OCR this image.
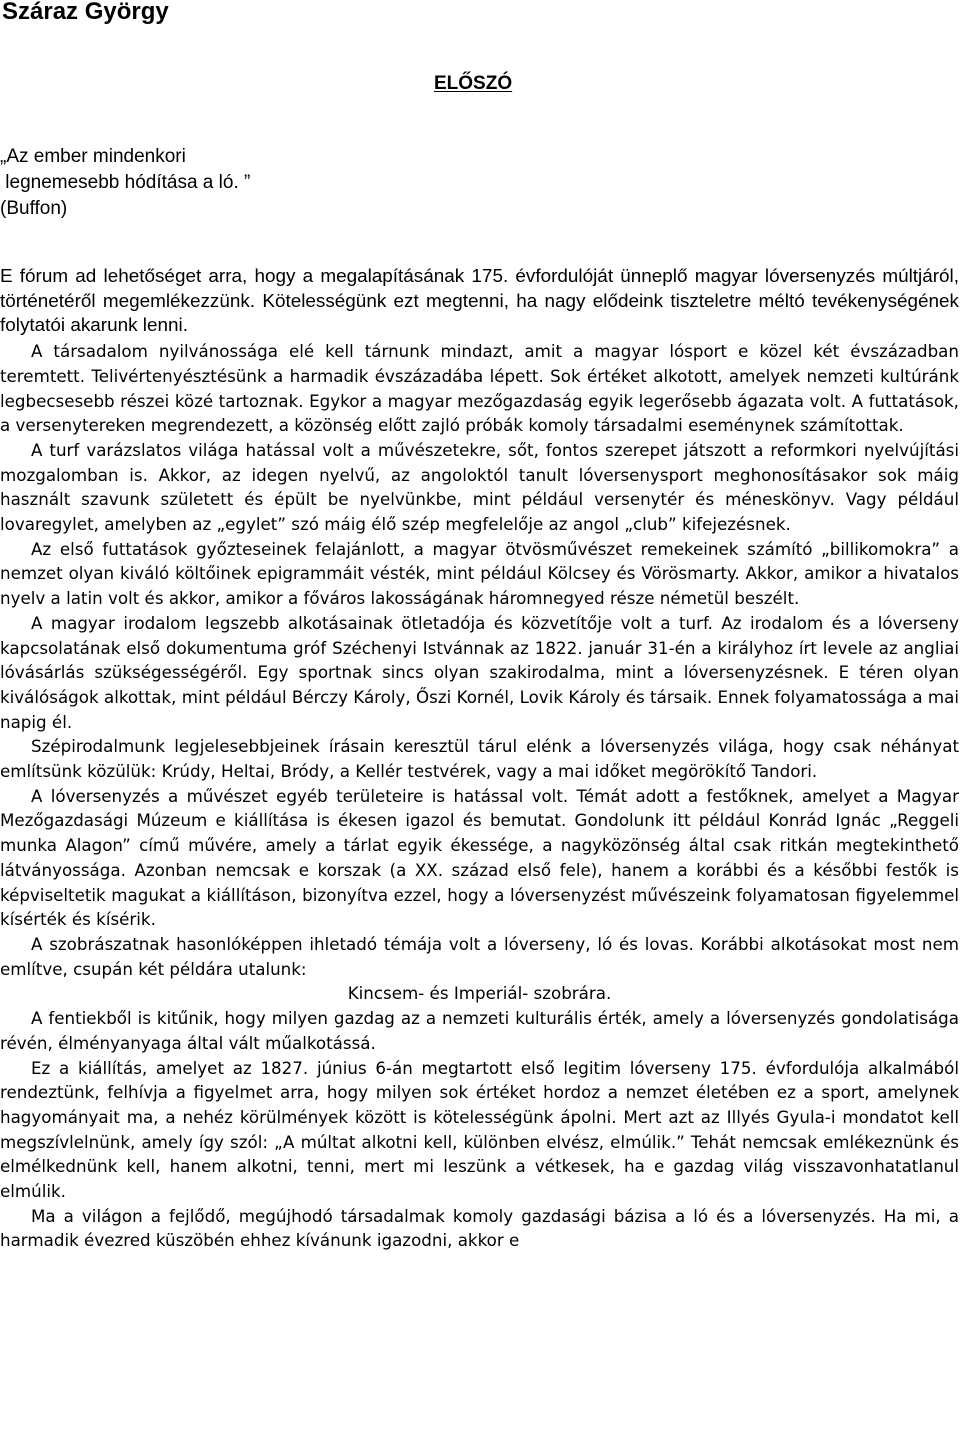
Száraz György
ELŐSZÓ
„Az ember mindenkori
legnemesebb hódítása a ló. ”
(Buffon)

E fórum ad lehetőséget arra, hogy a megalapításának 175. évfordulóját ünneplő magyar lóversenyzés múltjáról, történetéről megemlékezzünk. Kötelességünk ezt megtenni, ha nagy elődeink tiszteletre méltó tevékenységének folytatói akarunk lenni.

A társadalom nyilvánossága elé kell tárnunk mindazt, amit a magyar lósport e közel két évszázadban teremtett. Telivértenyésztésünk a harmadik évszázadába lépett. Sok értéket alkotott, amelyek nemzeti kultúránk legbecsesebb részei közé tartoznak. Egykor a magyar mezőgazdaság egyik legerősebb ágazata volt. A futtatások, a versenytereken megrendezett, a közönség előtt zajló próbák komoly társadalmi eseménynek számítottak.

A turf varázslatos világa hatással volt a művészetekre, sőt, fontos szerepet játszott a reformkori nyelvújítási mozgalomban is. Akkor, az idegen nyelvű, az angoloktól tanult lóversenysport meghonosításakor sok máig használt szavunk született és épült be nyelvünkbe, mint például versenytér és méneskönyv. Vagy például lovaregylet, amelyben az „egylet” szó máig élő szép megfelelője az angol „club” kifejezésnek.

Az első futtatások győzteseinek felajánlott, a magyar ötvösművészet remekeinek számító „billikomokra” a nemzet olyan kiváló költőinek epigrammáit vésték, mint például Kölcsey és Vörösmarty. Akkor, amikor a hivatalos nyelv a latin volt és akkor, amikor a főváros lakosságának háromnegyed része németül beszélt.

A magyar irodalom legszebb alkotásainak ötletadója és közvetítője volt a turf. Az irodalom és a lóverseny kapcsolatának első dokumentuma gróf Széchenyi Istvánnak az 1822. január 31-én a királyhoz írt levele az angliai lóvásárlás szükségességéről. Egy sportnak sincs olyan szakirodalma, mint a lóversenyzésnek. E téren olyan kiválóságok alkottak, mint például Bérczy Károly, Őszi Kornél, Lovik Károly és társaik. Ennek folyamatossága a mai napig él.

Szépirodalmunk legjelesebbjeinek írásain keresztül tárul elénk a lóversenyzés világa, hogy csak néhányat említsünk közülük: Krúdy, Heltai, Bródy, a Kellér testvérek, vagy a mai időket megörökítő Tandori.

A lóversenyzés a művészet egyéb területeire is hatással volt. Témát adott a festőknek, amelyet a Magyar Mezőgazdasági Múzeum e kiállítása is ékesen igazol és bemutat. Gondolunk itt például Konrád Ignác „Reggeli munka Alagon” című művére, amely a tárlat egyik ékessége, a nagyközönség által csak ritkán megtekinthető látványossága. Azonban nemcsak e korszak (a XX. század első fele), hanem a korábbi és a későbbi festők is képviseltetik magukat a kiállításon, bizonyítva ezzel, hogy a lóversenyzést művészeink folyamatosan figyelemmel kísérték és kísérik.

A szobrászatnak hasonlóképpen ihletadó témája volt a lóverseny, ló és lovas. Korábbi alkotásokat most nem említve, csupán két példára utalunk:

Kincsem- és Imperiál- szobrára.

A fentiekből is kitűnik, hogy milyen gazdag az a nemzeti kulturális érték, amely a lóversenyzés gondolatisága révén, élményanyaga által vált műalkotássá.

Ez a kiállítás, amelyet az 1827. június 6-án megtartott első legitim lóverseny 175. évfordulója alkalmából rendeztünk, felhívja a figyelmet arra, hogy milyen sok értéket hordoz a nemzet életében ez a sport, amelynek hagyományait ma, a nehéz körülmények között is kötelességünk ápolni. Mert azt az Illyés Gyula-i mondatot kell megszívlelnünk, amely így szól: „A múltat alkotni kell, különben elvész, elmúlik.” Tehát nemcsak emlékeznünk és elmélkednünk kell, hanem alkotni, tenni, mert mi leszünk a vétkesek, ha e gazdag világ visszavonhatatlanul elmúlik.

Ma a világon a fejlődő, megújhodó társadalmak komoly gazdasági bázisa a ló és a lóversenyzés. Ha mi, a harmadik évezred küszöbén ehhez kívánunk igazodni, akkor e
